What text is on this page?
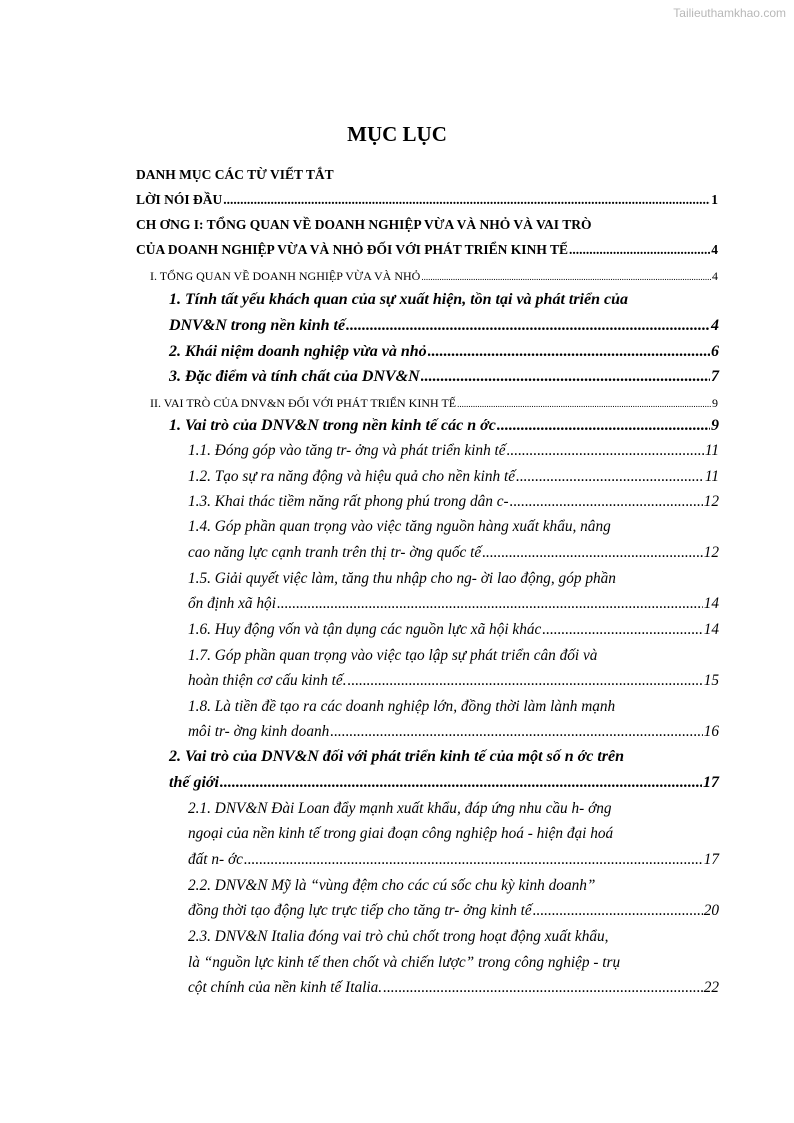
Tailieuthamkhao.com
MỤC LỤC
DANH MỤC CÁC TỪ VIẾT TẮT
LỜI NÓI ĐẦU .....	1
CH ƠNG I: TỔNG QUAN VỀ DOANH NGHIỆP VỪA VÀ NHỎ VÀ VAI TRÒ
CỦA DOANH NGHIỆP VỪA VÀ NHỎ ĐỐI VỚI PHÁT TRIỂN KINH TẾ .....	4
I. TỔNG QUAN VỀ DOANH NGHIỆP VỪA VÀ NHỎ .....	4
1. Tính tất yếu khách quan của sự xuất hiện, tồn tại và phát triển của
DNV&N trong nền kinh tế .....	4
2. Khái niệm doanh nghiệp vừa và nhỏ .....	6
3. Đặc điểm và tính chất của DNV&N .....	7
II. VAI TRÒ CỦA DNV&N ĐỐI VỚI PHÁT TRIỂN KINH TẾ .....	9
1. Vai trò của DNV&N trong nền kinh tế các n ớc .....	9
1.1. Đóng góp vào tăng tr- ởng và phát triển kinh tế .....	11
1.2. Tạo sự ra năng động và hiệu quả cho nền kinh tế .....	11
1.3. Khai thác tiềm năng rất phong phú trong dân c- .....	12
1.4. Góp phần quan trọng vào việc tăng nguồn hàng xuất khẩu, nâng
cao năng lực cạnh tranh trên thị tr- ờng quốc tế .....	12
1.5. Giải quyết việc làm, tăng thu nhập cho ng- ời lao động, góp phần
ổn định xã hội .....	14
1.6. Huy động vốn và tận dụng các nguồn lực xã hội khác .....	14
1.7. Góp phần quan trọng vào việc tạo lập sự phát triển cân đối và
hoàn thiện cơ cấu kinh tế. .....	15
1.8. Là tiền đề tạo ra các doanh nghiệp lớn, đồng thời làm lành mạnh
môi tr- ờng kinh doanh .....	16
2. Vai trò của DNV&N đối với phát triển kinh tế của một số n ớc trên
thế giới .....	17
2.1. DNV&N Đài Loan đẩy mạnh xuất khẩu, đáp ứng nhu cầu h- ớng
ngoại của nền kinh tế trong giai đoạn công nghiệp hoá - hiện đại hoá
đất n- ớc .....	17
2.2. DNV&N Mỹ là “vùng đệm cho các cú sốc chu kỳ kinh doanh”
đồng thời tạo động lực trực tiếp cho tăng tr- ởng kinh tế .....	20
2.3. DNV&N Italia đóng vai trò chủ chốt trong hoạt động xuất khẩu,
là “nguồn lực kinh tế then chốt và chiến lược” trong công nghiệp - trụ
cột chính của nền kinh tế Italia. .....	22
